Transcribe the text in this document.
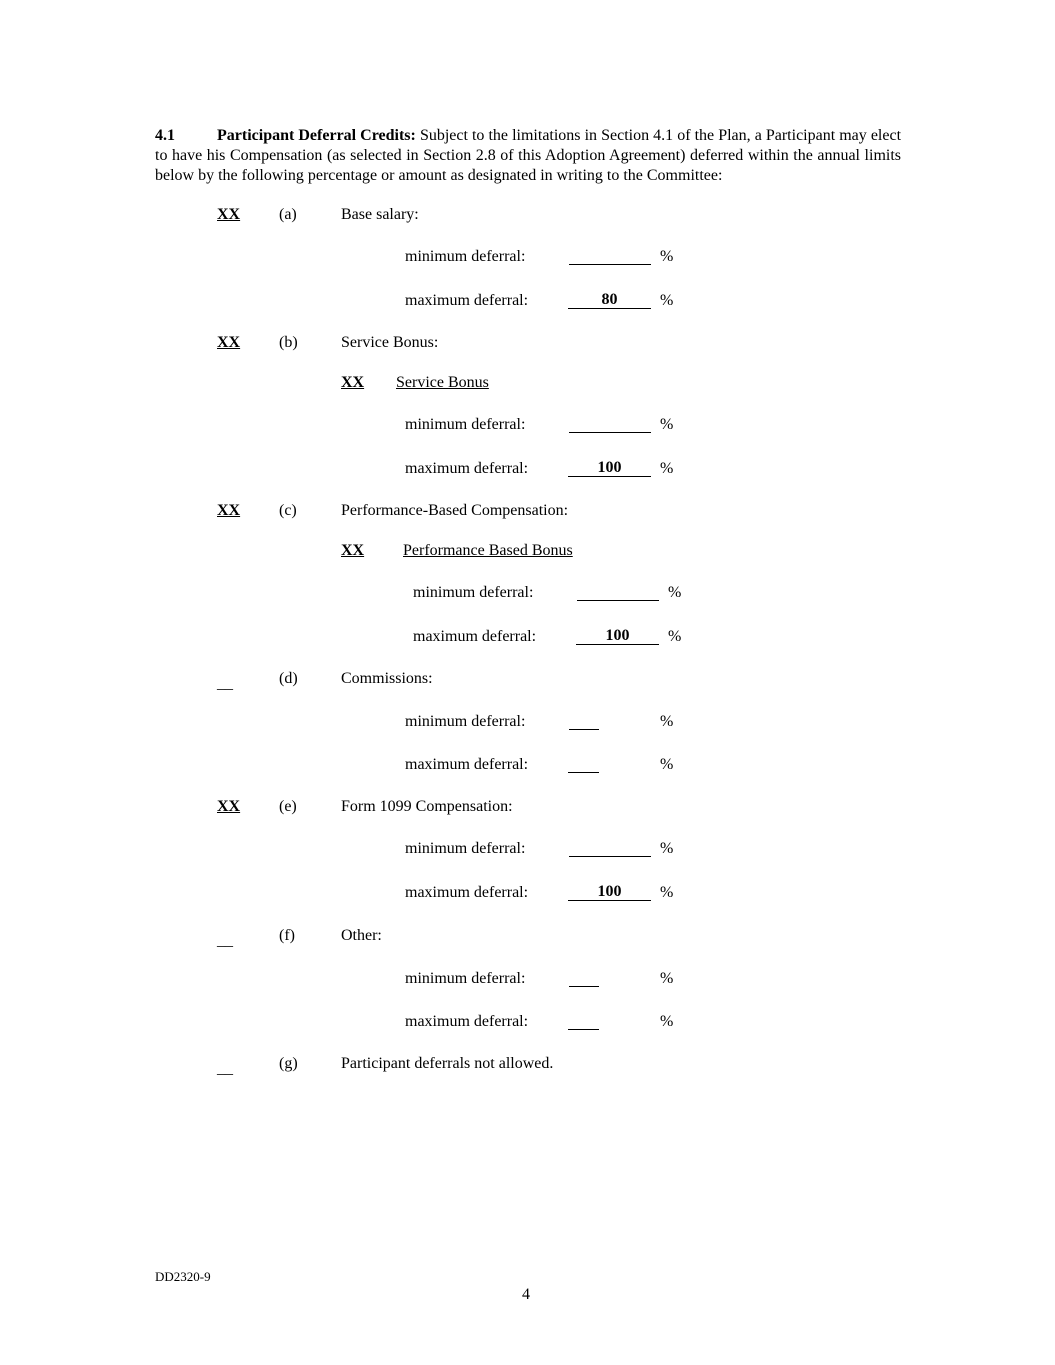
4.1	Participant Deferral Credits: Subject to the limitations in Section 4.1 of the Plan, a Participant may elect to have his Compensation (as selected in Section 2.8 of this Adoption Agreement) deferred within the annual limits below by the following percentage or amount as designated in writing to the Committee:
XX (a)	Base salary:
minimum deferral:	%
maximum deferral:	80	%
XX (b)	Service Bonus:
XX Service Bonus
minimum deferral:	%
maximum deferral:	100	%
XX (c)	Performance-Based Compensation:
XX Performance Based Bonus
minimum deferral:	%
maximum deferral:	100	%
__	(d)	Commissions:
minimum deferral:	%
maximum deferral:	%
XX (e)	Form 1099 Compensation:
minimum deferral:	%
maximum deferral:	100	%
__	(f)	Other:
minimum deferral:	%
maximum deferral:	%
__	(g)	Participant deferrals not allowed.
DD2320-9
4
